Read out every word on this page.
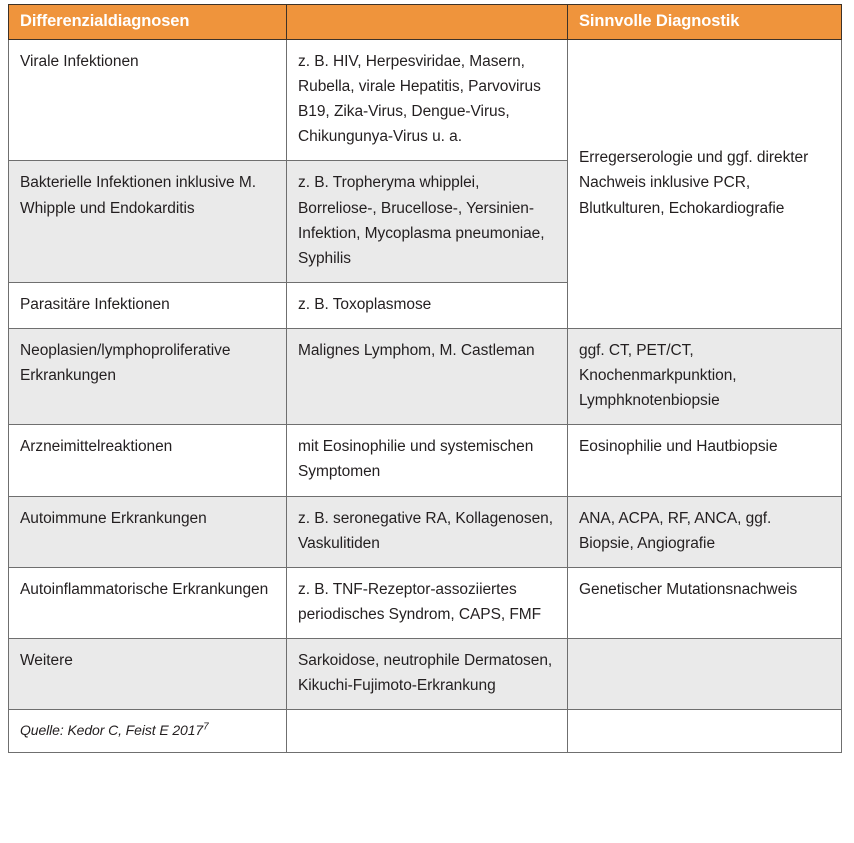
Differenzialdiagnosen		Sinnvolle Diagnostik
Virale Infektionen	z. B. HIV, Herpesviridae, Masern, Rubella, virale Hepatitis, Parvovirus B19, Zika-Virus, Dengue-Virus, Chikungunya-Virus u. a.	Erregerserologie und ggf. direkter Nachweis inklusive PCR, Blutkulturen, Echokardiografie
Bakterielle Infektionen inklusive M. Whipple und Endokarditis	z. B. Tropheryma whipplei, Borreliose-, Brucellose-, Yersinien-Infektion, Mycoplasma pneumoniae, Syphilis	
Parasitäre Infektionen	z. B. Toxoplasmose	
Neoplasien/lymphoproliferative Erkrankungen	Malignes Lymphom, M. Castleman	ggf. CT, PET/CT, Knochenmarkpunktion, Lymphknotenbiopsie
Arzneimittelreaktionen	mit Eosinophilie und systemischen Symptomen	Eosinophilie und Hautbiopsie
Autoimmune Erkrankungen	z. B. seronegative RA, Kollagenosen, Vaskulitiden	ANA, ACPA, RF, ANCA, ggf. Biopsie, Angiografie
Autoinflammatorische Erkrankungen	z. B. TNF-Rezeptor-assoziiertes periodisches Syndrom, CAPS, FMF	Genetischer Mutationsnachweis
Weitere	Sarkoidose, neutrophile Dermatosen, Kikuchi-Fujimoto-Erkrankung	
Quelle: Kedor C, Feist E 2017$^7$		
